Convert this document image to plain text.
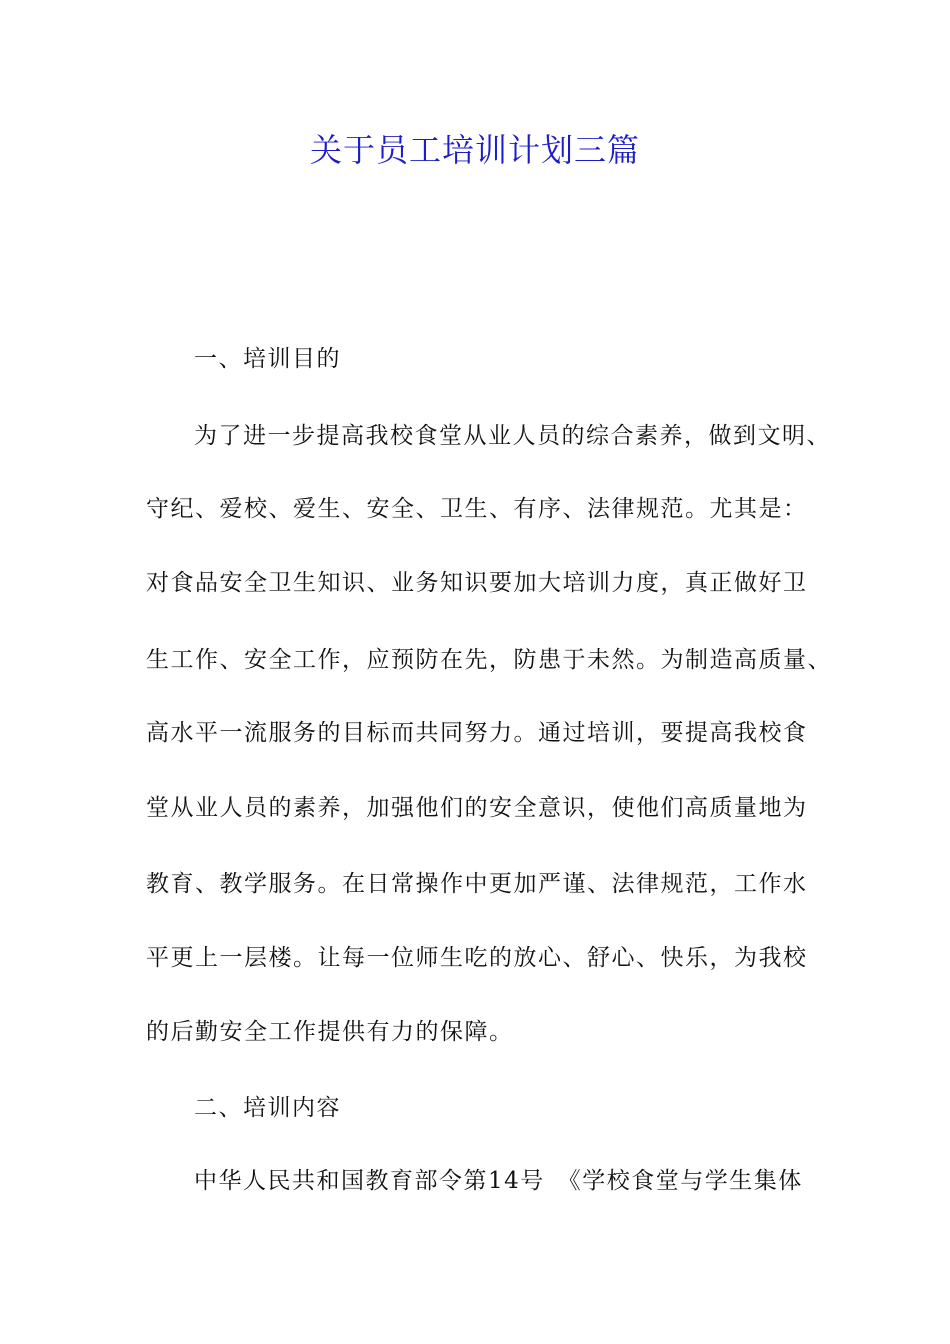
关于员工培训计划三篇
一、培训目的
为了进一步提高我校食堂从业人员的综合素养，做到文明、
守纪、爱校、爱生、安全、卫生、有序、法律规范。尤其是：
对食品安全卫生知识、业务知识要加大培训力度，真正做好卫
生工作、安全工作，应预防在先，防患于未然。为制造高质量、
高水平一流服务的目标而共同努力。通过培训，要提高我校食
堂从业人员的素养，加强他们的安全意识，使他们高质量地为
教育、教学服务。在日常操作中更加严谨、法律规范，工作水
平更上一层楼。让每一位师生吃的放心、舒心、快乐，为我校
的后勤安全工作提供有力的保障。
二、培训内容
中华人民共和国教育部令第14号　《学校食堂与学生集体
